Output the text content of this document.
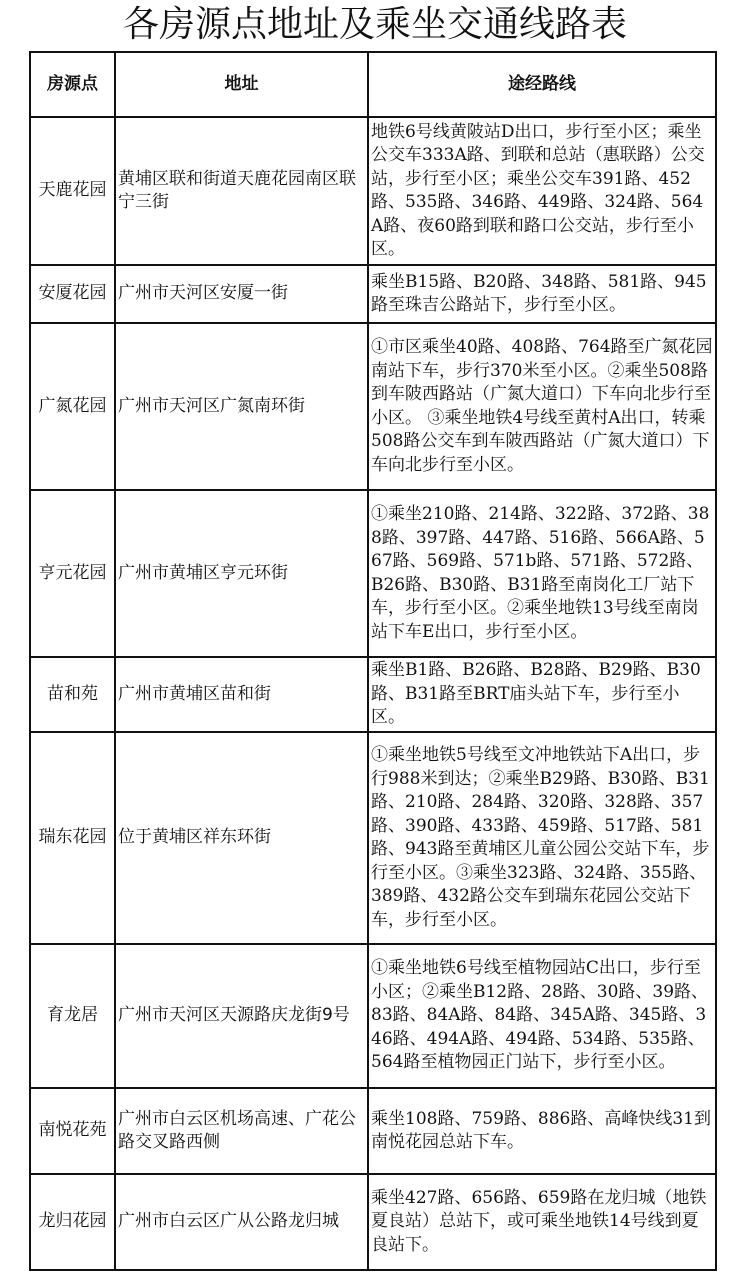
各房源点地址及乘坐交通线路表
房源点	地址	途经路线
天鹿花园	黄埔区联和街道天鹿花园南区联宁三街	地铁6号线黄陂站D出口，步行至小区；乘坐公交车333A路、到联和总站（惠联路）公交站，步行至小区；乘坐公交车391路、452路、535路、346路、449路、324路、564A路、夜60路到联和路口公交站，步行至小区。
安厦花园	广州市天河区安厦一街	乘坐B15路、B20路、348路、581路、945路至珠吉公路站下，步行至小区。
广氮花园	广州市天河区广氮南环街	①市区乘坐40路、408路、764路至广氮花园南站下车，步行370米至小区。②乘坐508路到车陂西路站（广氮大道口）下车向北步行至小区。 ③乘坐地铁4号线至黄村A出口，转乘508路公交车到车陂西路站（广氮大道口）下车向北步行至小区。
亨元花园	广州市黄埔区亨元环街	①乘坐210路、214路、322路、372路、388路、397路、447路、516路、566A路、567路、569路、571b路、571路、572路、B26路、B30路、B31路至南岗化工厂站下车，步行至小区。②乘坐地铁13号线至南岗站下车E出口，步行至小区。
苗和苑	广州市黄埔区苗和街	乘坐B1路、B26路、B28路、B29路、B30路、B31路至BRT庙头站下车，步行至小区。
瑞东花园	位于黄埔区祥东环街	①乘坐地铁5号线至文冲地铁站下A出口，步行988米到达；②乘坐B29路、B30路、B31路、210路、284路、320路、328路、357路、390路、433路、459路、517路、581路、943路至黄埔区儿童公园公交站下车，步行至小区。③乘坐323路、324路、355路、389路、432路公交车到瑞东花园公交站下车，步行至小区。
育龙居	广州市天河区天源路庆龙街9号	①乘坐地铁6号线至植物园站C出口，步行至小区；②乘坐B12路、28路、30路、39路、83路、84A路、84路、345A路、345路、346路、494A路、494路、534路、535路、564路至植物园正门站下，步行至小区。
南悦花苑	广州市白云区机场高速、广花公路交叉路西侧	乘坐108路、759路、886路、高峰快线31到南悦花园总站下车。
龙归花园	广州市白云区广从公路龙归城	乘坐427路、656路、659路在龙归城（地铁夏良站）总站下，或可乘坐地铁14号线到夏良站下。
